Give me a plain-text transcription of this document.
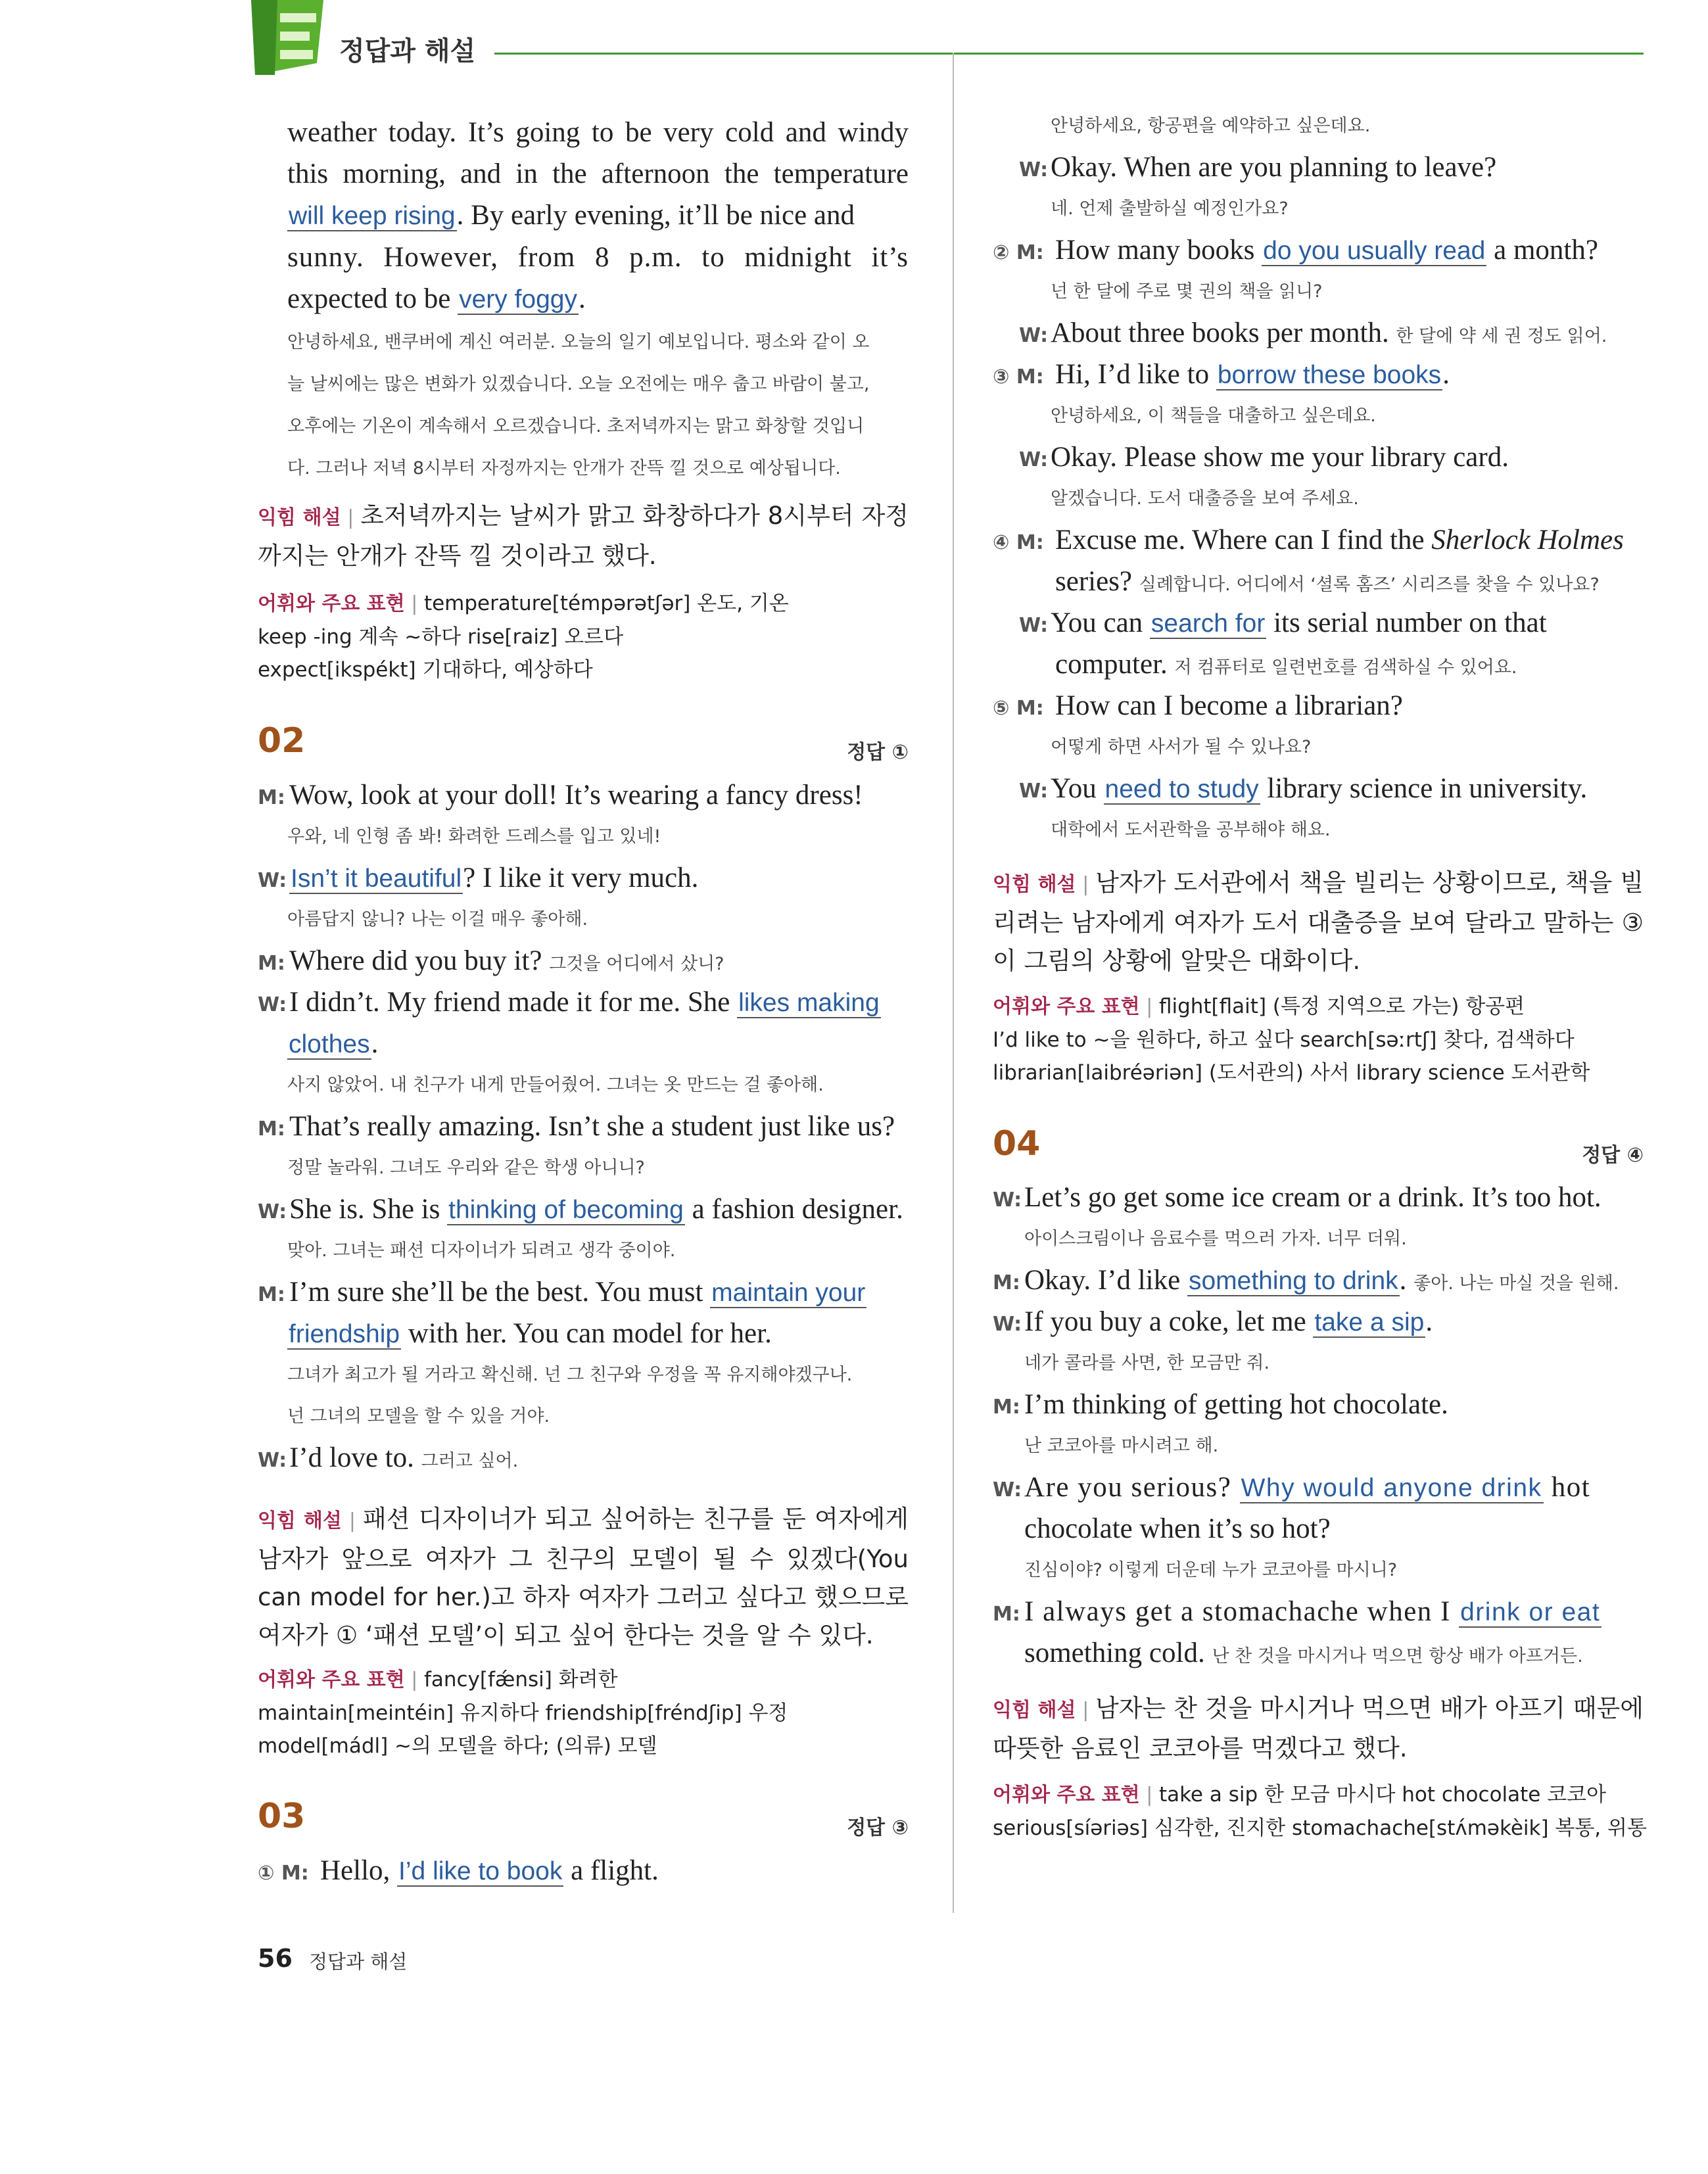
정답과 해설

weather today. It’s going to be very cold and windy

this morning, and in the afternoon the temperature

will keep rising. By early evening, it’ll be nice and

sunny. However, from 8 p.m. to midnight it’s

expected to be very foggy.

안녕하세요, 밴쿠버에 계신 여러분. 오늘의 일기 예보입니다. 평소와 같이 오

늘 날씨에는 많은 변화가 있겠습니다. 오늘 오전에는 매우 춥고 바람이 불고,

오후에는 기온이 계속해서 오르겠습니다. 초저녁까지는 맑고 화창할 것입니

다. 그러나 저녁 8시부터 자정까지는 안개가 잔뜩 낄 것으로 예상됩니다.

익힘 해설 | 초저녁까지는 날씨가 맑고 화창하다가 8시부터 자정까지는 안개가 잔뜩 낄 것이라고 했다.

어휘와 주요 표현 | temperature[témpərətʃər] 온도, 기온

keep -ing 계속 ~하다 rise[raiz] 오르다

expect[ikspékt] 기대하다, 예상하다

02	정답 ①
M: Wow, look at your doll! It’s wearing a fancy dress!
우와, 네 인형 좀 봐! 화려한 드레스를 입고 있네!
W: Isn’t it beautiful? I like it very much.
아름답지 않니? 나는 이걸 매우 좋아해.
M: Where did you buy it? 그것을 어디에서 샀니?
W:I didn’t. My friend made it for me. She likes making
clothes.
사지 않았어. 내 친구가 내게 만들어줬어. 그녀는 옷 만드는 걸 좋아해.
M: That’s really amazing. Isn’t she a student just like us?
정말 놀라워. 그녀도 우리와 같은 학생 아니니?
W:She is. She is thinking of becoming a fashion designer.
맞아. 그녀는 패션 디자이너가 되려고 생각 중이야.
M: I’m sure she’ll be the best. You must maintain your
friendship with her. You can model for her.
그녀가 최고가 될 거라고 확신해. 넌 그 친구와 우정을 꼭 유지해야겠구나.
넌 그녀의 모델을 할 수 있을 거야.
W:I’d love to. 그러고 싶어.

익힘 해설 | 패션 디자이너가 되고 싶어하는 친구를 둔 여자에게 남자가 앞으로 여자가 그 친구의 모델이 될 수 있겠다(You can model for her.)고 하자 여자가 그러고 싶다고 했으므로 여자가 ① ‘패션 모델’이 되고 싶어 한다는 것을 알 수 있다.

어휘와 주요 표현 | fancy[fǽnsi] 화려한

maintain[meintéin] 유지하다 friendship[fréndʃip] 우정

model[mádl] ~의 모델을 하다; (의류) 모델

03	정답 ③
① M: Hello, I’d like to book a flight.
안녕하세요, 항공편을 예약하고 싶은데요.
W:Okay. When are you planning to leave?
네. 언제 출발하실 예정인가요?
② M: How many books do you usually read a month?
넌 한 달에 주로 몇 권의 책을 읽니?
W:About three books per month. 한 달에 약 세 권 정도 읽어.
③ M: Hi, I’d like to borrow these books.
안녕하세요, 이 책들을 대출하고 싶은데요.
W:Okay. Please show me your library card.
알겠습니다. 도서 대출증을 보여 주세요.
④ M: Excuse me. Where can I find the Sherlock Holmes
series? 실례합니다. 어디에서 ‘셜록 홈즈’ 시리즈를 찾을 수 있나요?
W:You can search for its serial number on that
computer. 저 컴퓨터로 일련번호를 검색하실 수 있어요.
⑤ M: How can I become a librarian?
어떻게 하면 사서가 될 수 있나요?
W:You need to study library science in university.
대학에서 도서관학을 공부해야 해요.

익힘 해설 | 남자가 도서관에서 책을 빌리는 상황이므로, 책을 빌리려는 남자에게 여자가 도서 대출증을 보여 달라고 말하는 ③이 그림의 상황에 알맞은 대화이다.

어휘와 주요 표현 | flight[flait] (특정 지역으로 가는) 항공편

I’d like to ~을 원하다, 하고 싶다 search[səːrtʃ] 찾다, 검색하다

librarian[laibréəriən] (도서관의) 사서 library science 도서관학

04	정답 ④
W:Let’s go get some ice cream or a drink. It’s too hot.
아이스크림이나 음료수를 먹으러 가자. 너무 더워.
M: Okay. I’d like something to drink. 좋아. 나는 마실 것을 원해.
W:If you buy a coke, let me take a sip.
네가 콜라를 사면, 한 모금만 줘.
M: I’m thinking of getting hot chocolate.
난 코코아를 마시려고 해.
W:Are you serious? Why would anyone drink hot
chocolate when it’s so hot?
진심이야? 이렇게 더운데 누가 코코아를 마시니?
M: I always get a stomachache when I drink or eat
something cold. 난 찬 것을 마시거나 먹으면 항상 배가 아프거든.

익힘 해설 | 남자는 찬 것을 마시거나 먹으면 배가 아프기 때문에 따뜻한 음료인 코코아를 먹겠다고 했다.

어휘와 주요 표현 | take a sip 한 모금 마시다 hot chocolate 코코아

serious[síəriəs] 심각한, 진지한 stomachache[stʌ́məkèik] 복통, 위통

56 정답과 해설
